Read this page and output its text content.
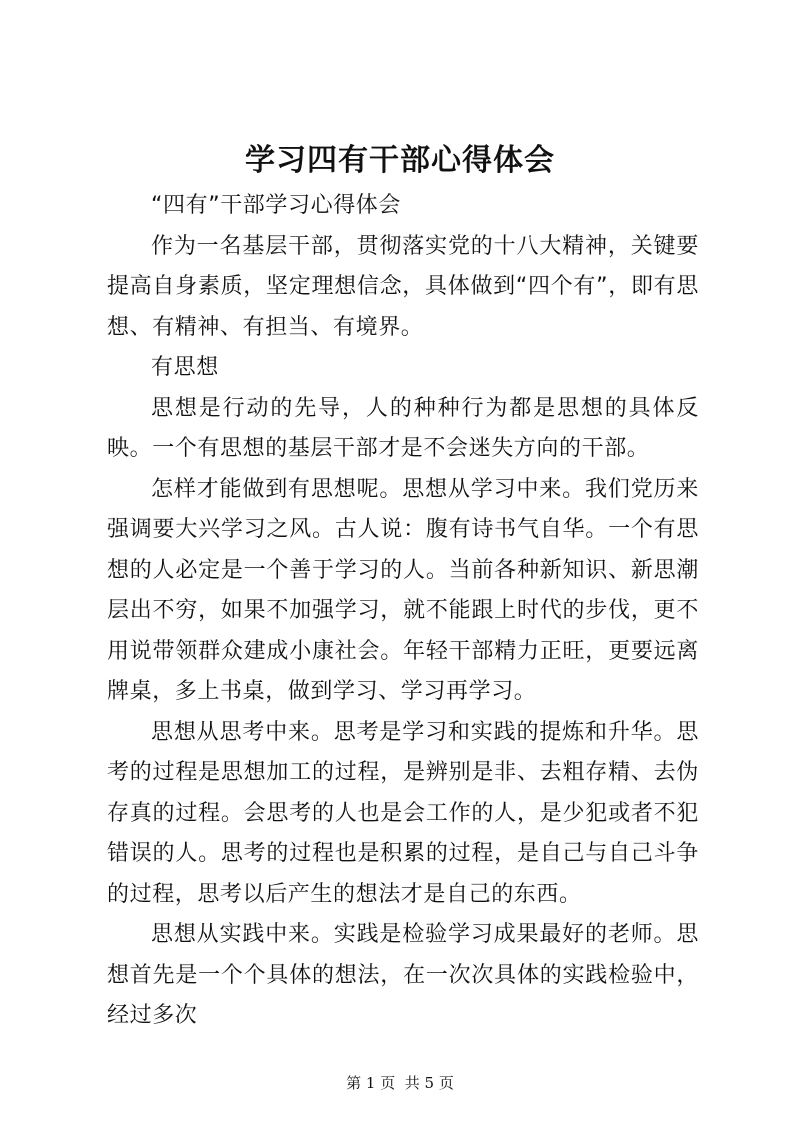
学习四有干部心得体会

“四有”干部学习心得体会

作为一名基层干部，贯彻落实党的十八大精神，关键要提高自身素质，坚定理想信念，具体做到“四个有”，即有思想、有精神、有担当、有境界。

有思想

思想是行动的先导，人的种种行为都是思想的具体反映。一个有思想的基层干部才是不会迷失方向的干部。

怎样才能做到有思想呢。思想从学习中来。我们党历来强调要大兴学习之风。古人说：腹有诗书气自华。一个有思想的人必定是一个善于学习的人。当前各种新知识、新思潮层出不穷，如果不加强学习，就不能跟上时代的步伐，更不用说带领群众建成小康社会。年轻干部精力正旺，更要远离牌桌，多上书桌，做到学习、学习再学习。

思想从思考中来。思考是学习和实践的提炼和升华。思考的过程是思想加工的过程，是辨别是非、去粗存精、去伪存真的过程。会思考的人也是会工作的人，是少犯或者不犯错误的人。思考的过程也是积累的过程，是自己与自己斗争的过程，思考以后产生的想法才是自己的东西。

思想从实践中来。实践是检验学习成果最好的老师。思想首先是一个个具体的想法，在一次次具体的实践检验中，经过多次

第 1 页  共 5 页
